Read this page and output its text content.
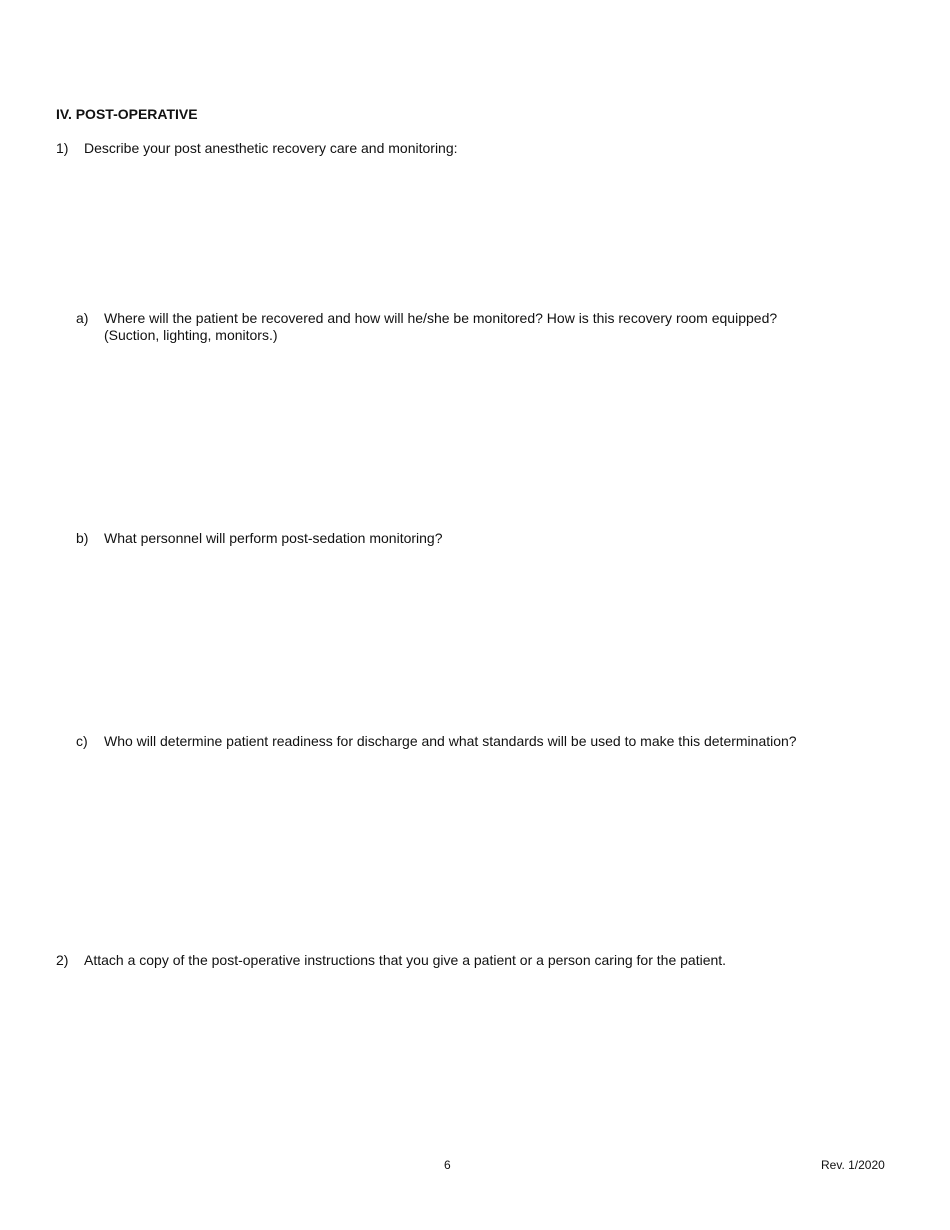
IV. POST-OPERATIVE
1) Describe your post anesthetic recovery care and monitoring:
a) Where will the patient be recovered and how will he/she be monitored? How is this recovery room equipped?
(Suction, lighting, monitors.)
b) What personnel will perform post-sedation monitoring?
c) Who will determine patient readiness for discharge and what standards will be used to make this determination?
2) Attach a copy of the post-operative instructions that you give a patient or a person caring for the patient.
6	Rev. 1/2020
